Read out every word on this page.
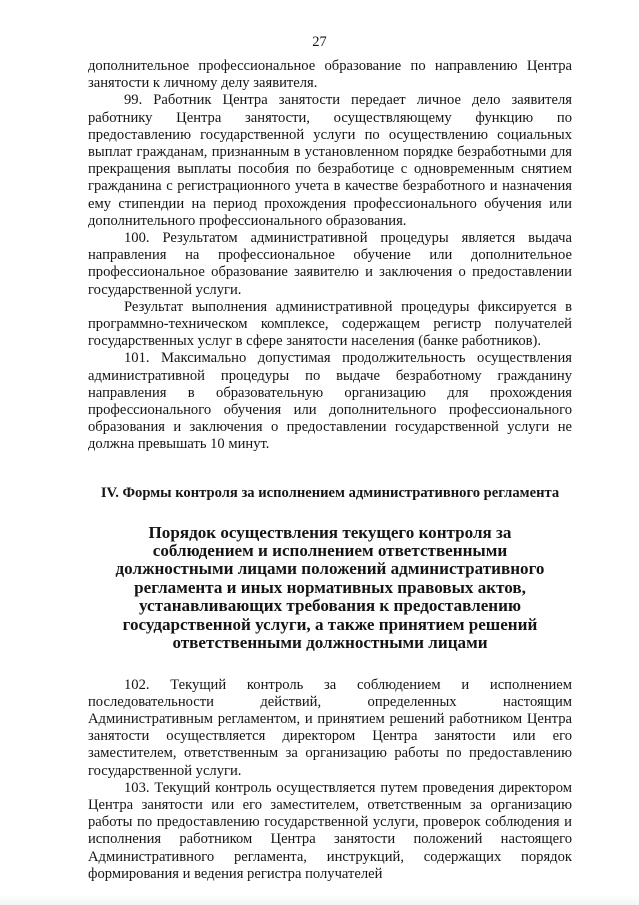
27

дополнительное профессиональное образование по направлению Центра занятости к личному делу заявителя.

99. Работник Центра занятости передает личное дело заявителя работнику Центра занятости, осуществляющему функцию по предоставлению государственной услуги по осуществлению социальных выплат гражданам, признанным в установленном порядке безработными для прекращения выплаты пособия по безработице с одновременным снятием гражданина с регистрационного учета в качестве безработного и назначения ему стипендии на период прохождения профессионального обучения или дополнительного профессионального образования.

100. Результатом административной процедуры является выдача направления на профессиональное обучение или дополнительное профессиональное образование заявителю и заключения о предоставлении государственной услуги.

Результат выполнения административной процедуры фиксируется в программно-техническом комплексе, содержащем регистр получателей государственных услуг в сфере занятости населения (банке работников).

101. Максимально допустимая продолжительность осуществления административной процедуры по выдаче безработному гражданину направления в образовательную организацию для прохождения профессионального обучения или дополнительного профессионального образования и заключения о предоставлении государственной услуги не должна превышать 10 минут.

IV. Формы контроля за исполнением административного регламента
Порядок осуществления текущего контроля за соблюдением и исполнением ответственными должностными лицами положений административного регламента и иных нормативных правовых актов, устанавливающих требования к предоставлению государственной услуги, а также принятием решений ответственными должностными лицами

102. Текущий контроль за соблюдением и исполнением последовательности действий, определенных настоящим Административным регламентом, и принятием решений работником Центра занятости осуществляется директором Центра занятости или его заместителем, ответственным за организацию работы по предоставлению государственной услуги.

103. Текущий контроль осуществляется путем проведения директором Центра занятости или его заместителем, ответственным за организацию работы по предоставлению государственной услуги, проверок соблюдения и исполнения работником Центра занятости положений настоящего Административного регламента, инструкций, содержащих порядок формирования и ведения регистра получателей
